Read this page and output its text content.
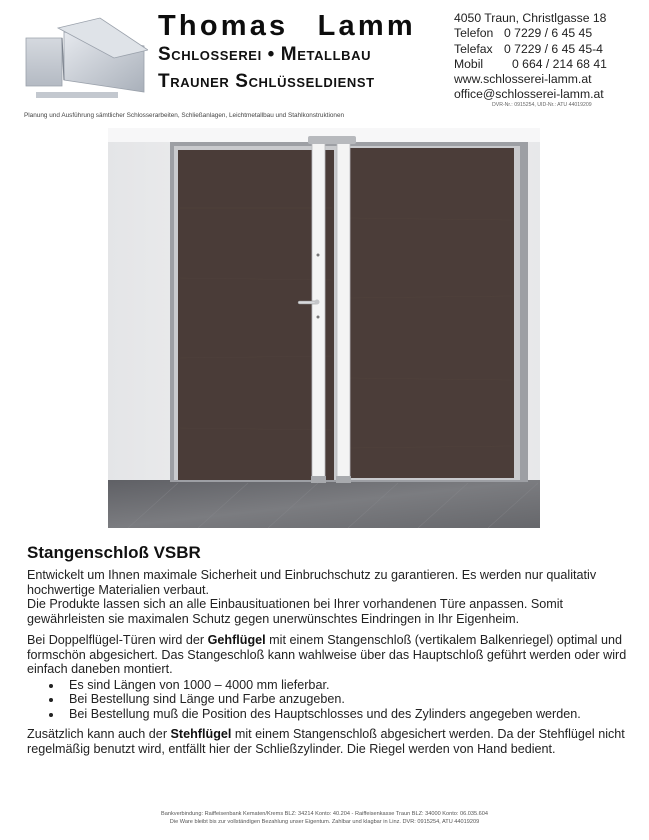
Thomas Lamm
Schlosserei • Metallbau
Trauner Schlüsseldienst
4050 Traun, Christlgasse 18
Telefon 0 7229 / 6 45 45
Telefax 0 7229 / 6 45 45-4
Mobil 0 664 / 214 68 41
www.schlosserei-lamm.at
office@schlosserei-lamm.at
DVR-Nr.: 0915254, UID-Nr.: ATU 44019209
Planung und Ausführung sämtlicher Schlosserarbeiten, Schließanlagen, Leichtmetallbau und Stahlkonstruktionen
Stangenschloß VSBR

Entwickelt um Ihnen maximale Sicherheit und Einbruchschutz zu garantieren. Es werden nur qualitativ hochwertige Materialien verbaut.

Die Produkte lassen sich an alle Einbausituationen bei Ihrer vorhandenen Türe anpassen. Somit gewährleisten sie maximalen Schutz gegen unerwünschtes Eindringen in Ihr Eigenheim.

Bei Doppelflügel-Türen wird der Gehflügel mit einem Stangenschloß (vertikalem Balkenriegel) optimal und formschön abgesichert. Das Stangeschloß kann wahlweise über das Hauptschloß geführt werden oder wird einfach daneben montiert.

• Es sind Längen von 1000 – 4000 mm lieferbar.
• Bei Bestellung sind Länge und Farbe anzugeben.
• Bei Bestellung muß die Position des Hauptschlosses und des Zylinders angegeben werden.

Zusätzlich kann auch der Stehflügel mit einem Stangenschloß abgesichert werden. Da der Stehflügel nicht regelmäßig benutzt wird, entfällt hier der Schließzylinder. Die Riegel werden von Hand bedient.

Bankverbindung: Raiffeisenbank Kematen/Krems BLZ: 34214 Konto: 40.204 - Raiffeisenkasse Traun BLZ: 34000 Konto: 06.035.604
Die Ware bleibt bis zur vollständigen Bezahlung unser Eigentum. Zahlbar und klagbar in Linz. DVR: 0915254, ATU 44019209
